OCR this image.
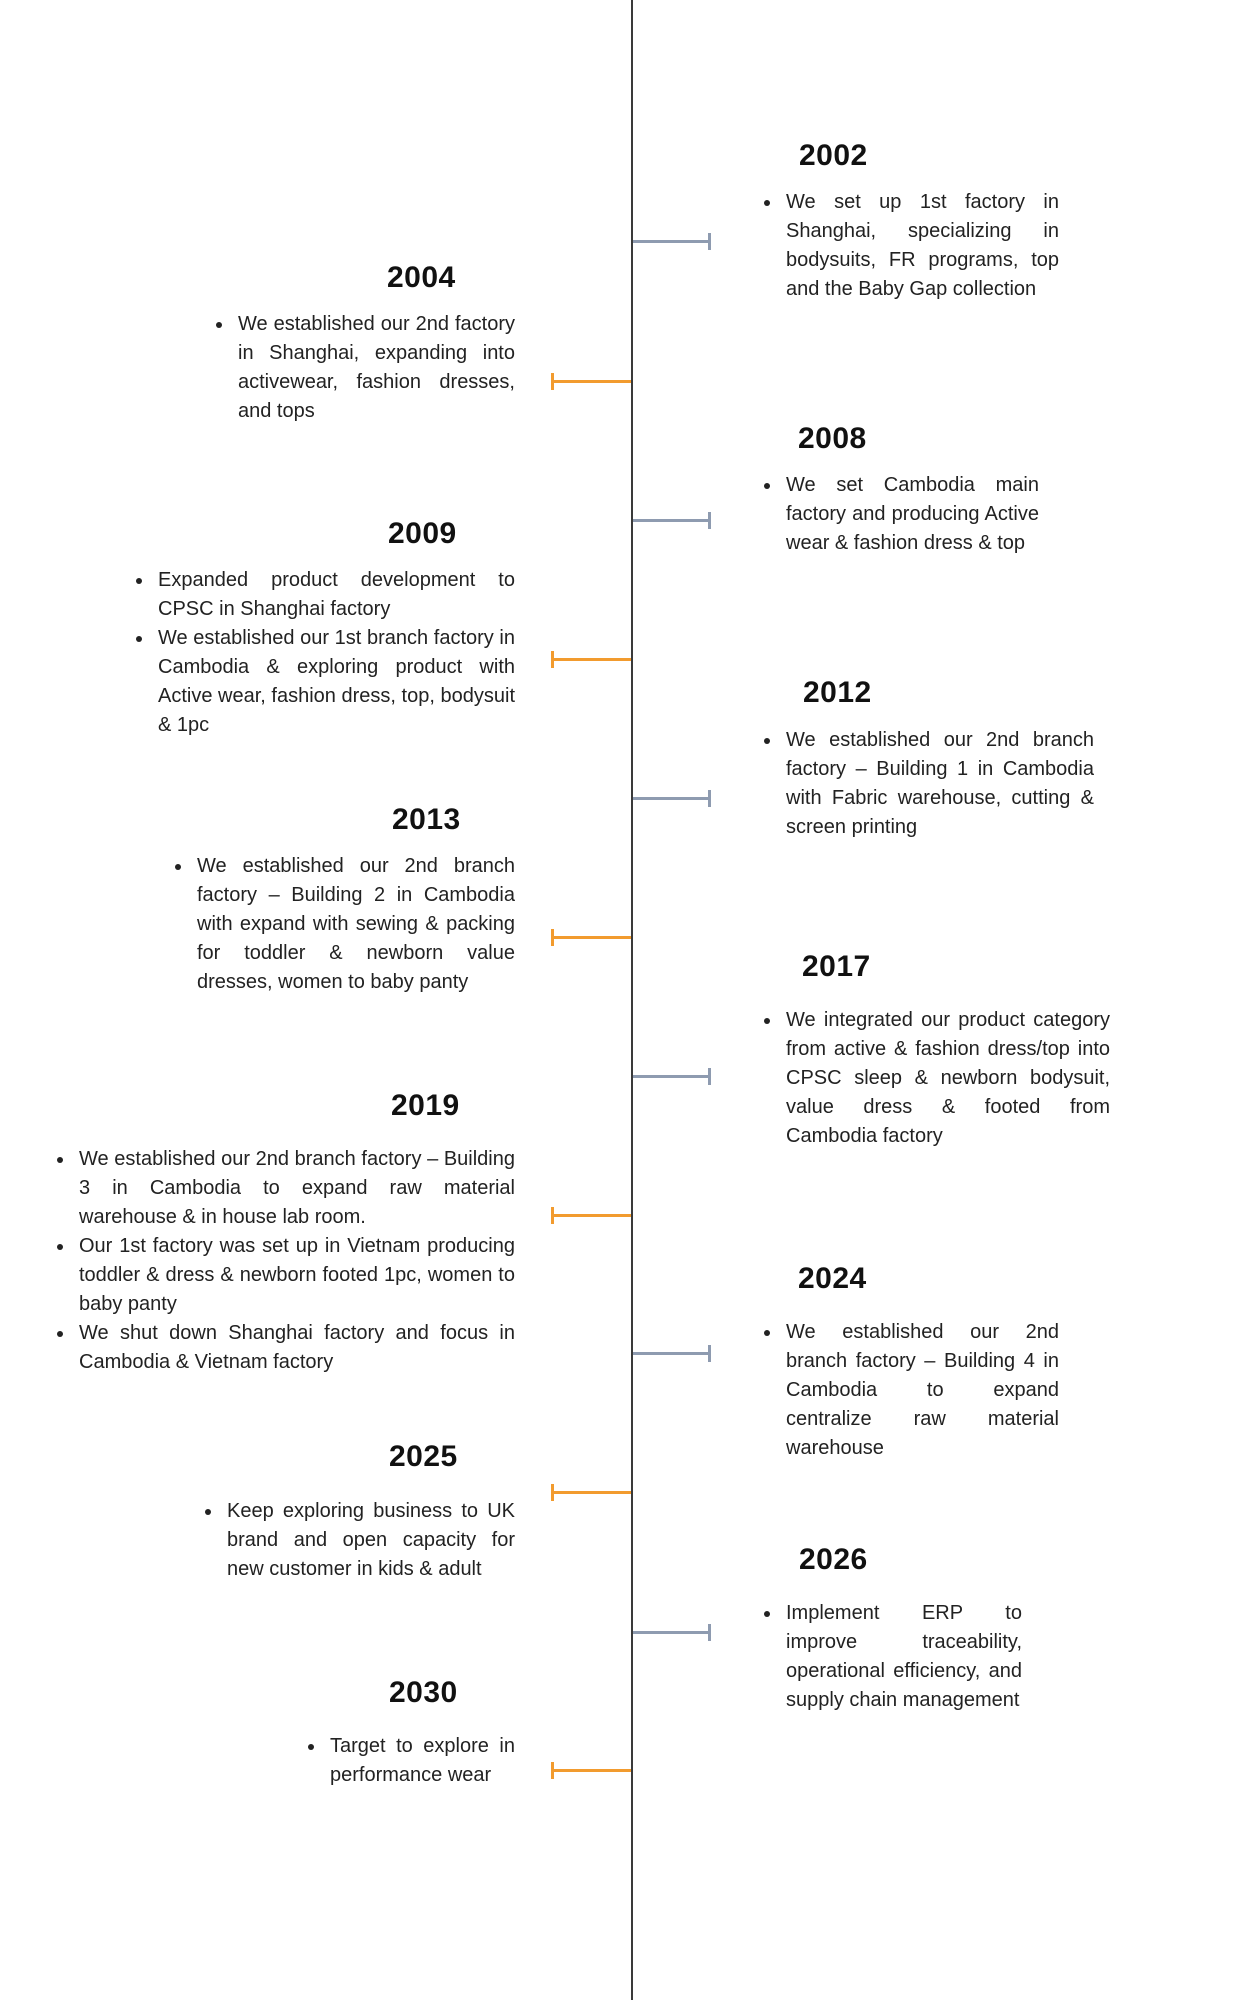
2002
We set up 1st factory in Shanghai, specializing in bodysuits, FR programs, top and the Baby Gap collection
2008
We set Cambodia main factory and producing Active wear & fashion dress & top
2012
We established our 2nd branch factory – Building 1 in Cambodia with Fabric warehouse, cutting & screen printing
2017
We integrated our product category from active & fashion dress/top into CPSC sleep & newborn bodysuit, value dress & footed from Cambodia factory
2024
We established our 2nd branch factory – Building 4 in Cambodia to expand centralize raw material warehouse
2026
Implement ERP to improve traceability, operational efficiency, and supply chain management
2004
We established our 2nd factory in Shanghai, expanding into activewear, fashion dresses, and tops
2009
Expanded product development to CPSC in Shanghai factory
We established our 1st branch factory in Cambodia & exploring product with Active wear, fashion dress, top, bodysuit & 1pc
2013
We established our 2nd branch factory – Building 2 in Cambodia with expand with sewing & packing for toddler & newborn value dresses, women to baby panty
2019
We established our 2nd branch factory – Building 3 in Cambodia to expand raw material warehouse & in house lab room.
Our 1st factory was set up in Vietnam producing toddler & dress & newborn footed 1pc, women to baby panty
We shut down Shanghai factory and focus in Cambodia & Vietnam factory
2025
Keep exploring business to UK brand and open capacity for new customer in kids & adult
2030
Target to explore in performance wear
